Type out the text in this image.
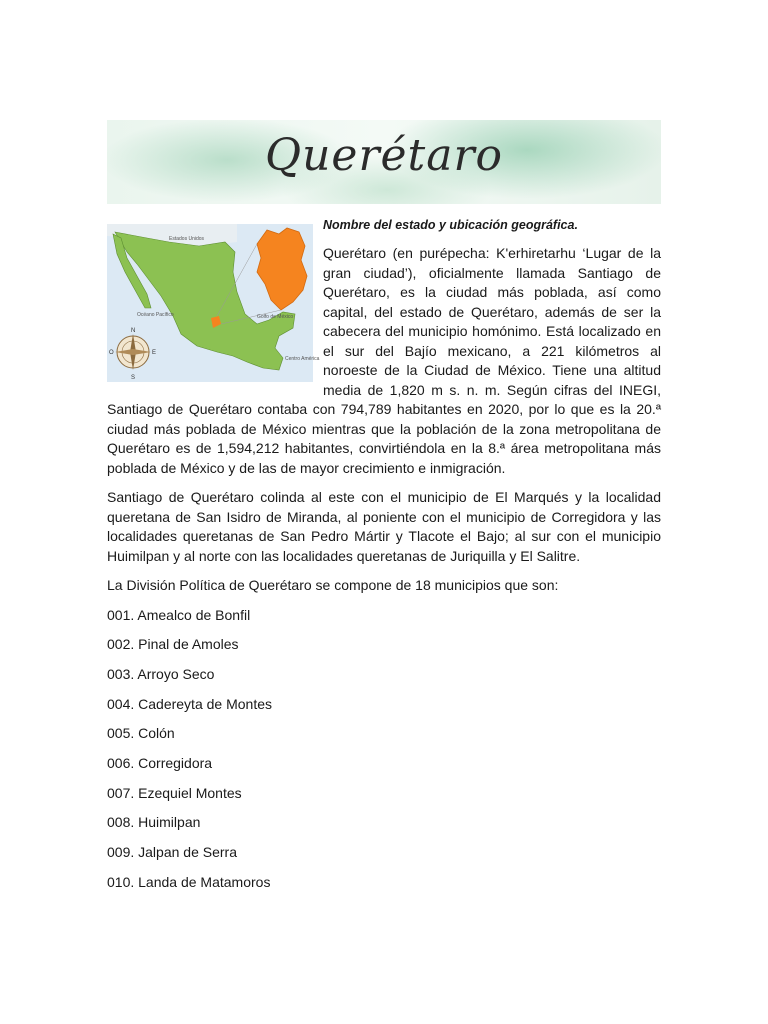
Querétaro
Estados Unidos
Océano Pacífico	Golfo de México
Centro América
N
E
O
S
Nombre del estado y ubicación geográfica.

Querétaro (en purépecha: K'erhiretarhu ‘Lugar de la gran ciudad’), oficialmente llamada Santiago de Querétaro, es la ciudad más poblada, así como capital, del estado de Querétaro, además de ser la cabecera del municipio homónimo. Está localizado en el sur del Bajío mexicano, a 221 kilómetros al noroeste de la Ciudad de México. Tiene una altitud media de 1,820 m s. n. m. Según cifras del INEGI, Santiago de Querétaro contaba con 794,789 habitantes en 2020, por lo que es la 20.ª ciudad más poblada de México mientras que la población de la zona metropolitana de Querétaro es de 1,594,212 habitantes, convirtiéndola en la 8.ª área metropolitana más poblada de México y de las de mayor crecimiento e inmigración.

Santiago de Querétaro colinda al este con el municipio de El Marqués y la localidad queretana de San Isidro de Miranda, al poniente con el municipio de Corregidora y las localidades queretanas de San Pedro Mártir y Tlacote el Bajo; al sur con el municipio Huimilpan y al norte con las localidades queretanas de Juriquilla y El Salitre.

La División Política de Querétaro se compone de 18 municipios que son:

001. Amealco de Bonfil
002. Pinal de Amoles
003. Arroyo Seco
004. Cadereyta de Montes
005. Colón
006. Corregidora
007. Ezequiel Montes
008. Huimilpan
009. Jalpan de Serra
010. Landa de Matamoros
